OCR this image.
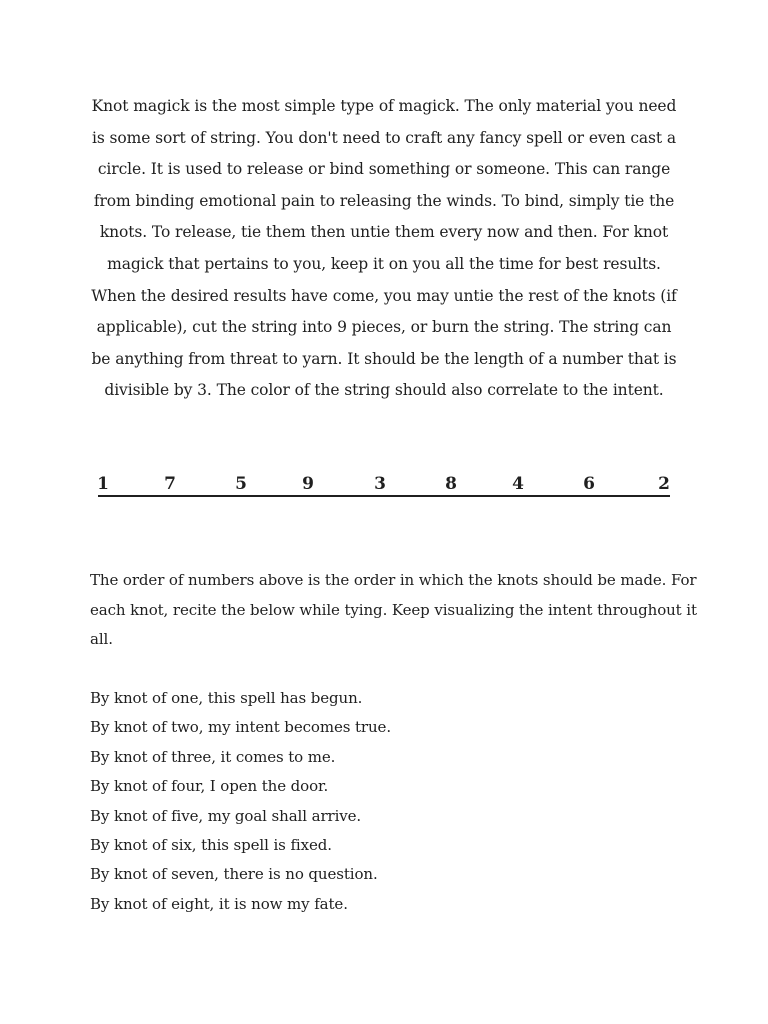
Knot magick is the most simple type of magick. The only material you need

is some sort of string. You don't need to craft any fancy spell or even cast a

circle. It is used to release or bind something or someone. This can range

from binding emotional pain to releasing the winds. To bind, simply tie the

knots. To release, tie them then untie them every now and then. For knot

magick that pertains to you, keep it on you all the time for best results.

When the desired results have come, you may untie the rest of the knots (if

applicable), cut the string into 9 pieces, or burn the string. The string can

be anything from threat to yarn. It should be the length of a number that is

divisible by 3. The color of the string should also correlate to the intent.

1	7	5	9	3	8	4	6	2

The order of numbers above is the order in which the knots should be made. For

each knot, recite the below while tying. Keep visualizing the intent throughout it

all.

By knot of one, this spell has begun.

By knot of two, my intent becomes true.

By knot of three, it comes to me.

By knot of four, I open the door.

By knot of five, my goal shall arrive.

By knot of six, this spell is fixed.

By knot of seven, there is no question.

By knot of eight, it is now my fate.
